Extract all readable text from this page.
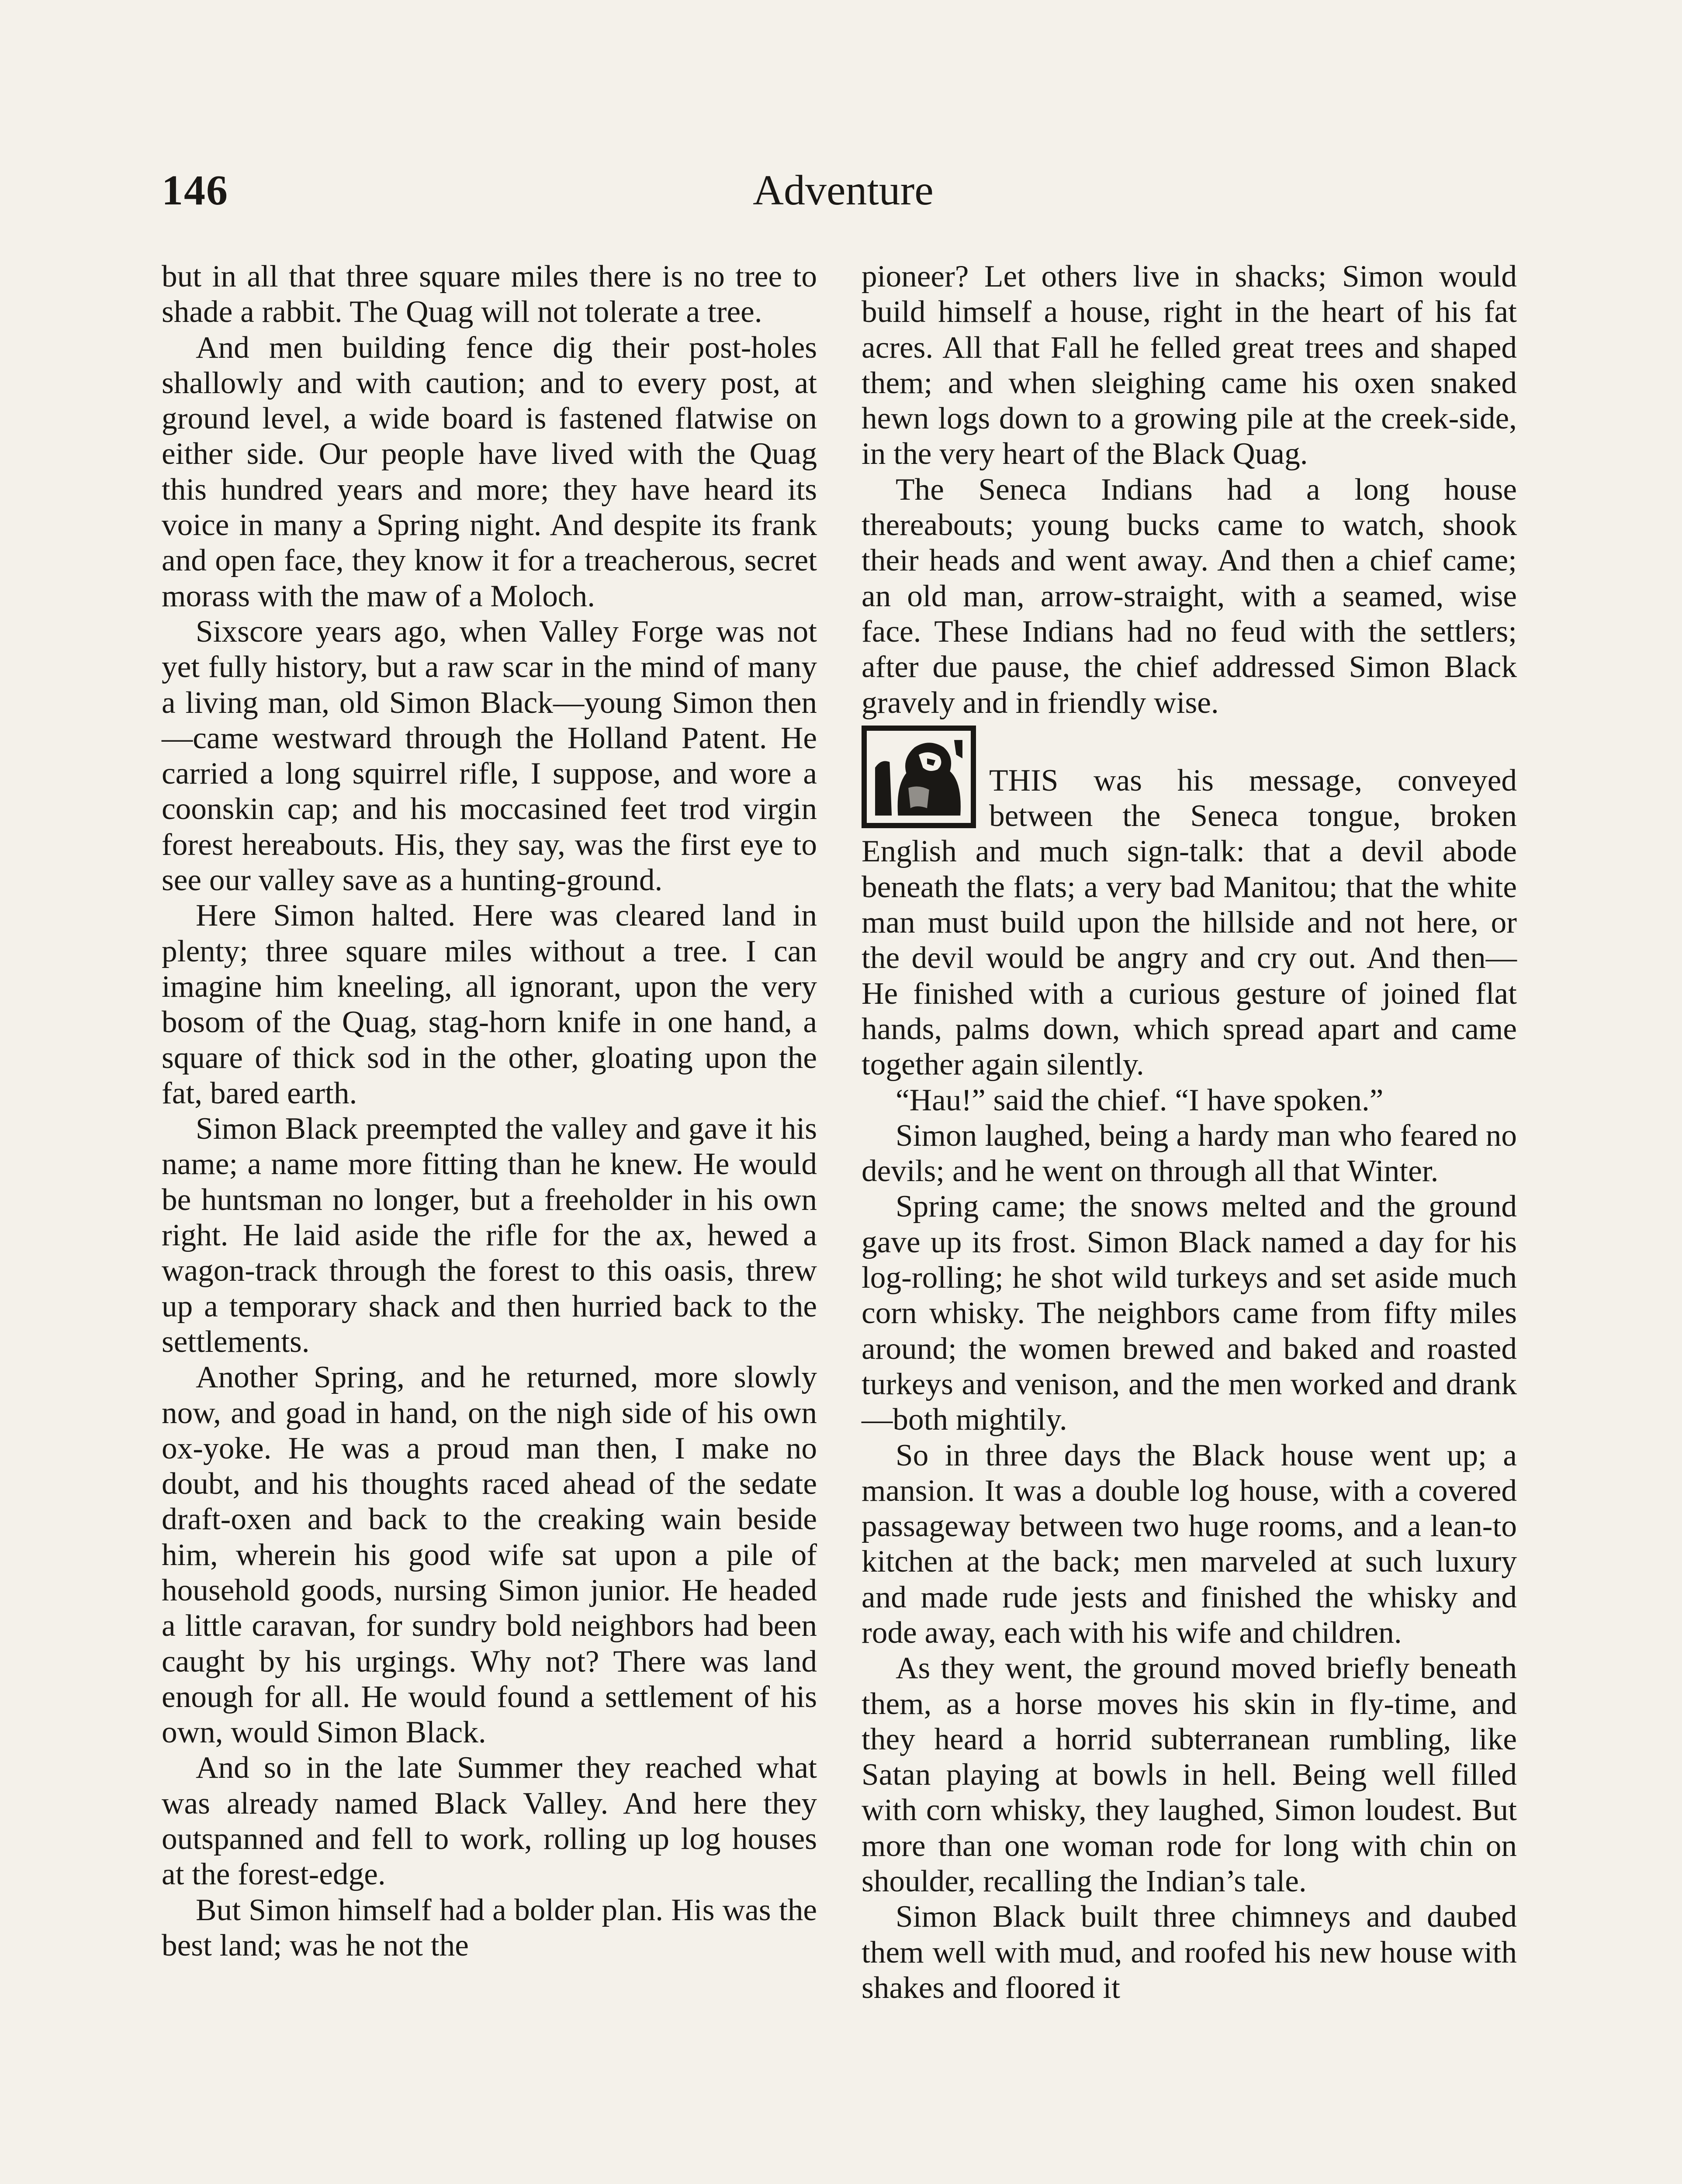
146	Adventure

but in all that three square miles there is no tree to shade a rabbit. The Quag will not tolerate a tree.

And men building fence dig their post-holes shallowly and with caution; and to every post, at ground level, a wide board is fastened flatwise on either side. Our people have lived with the Quag this hundred years and more; they have heard its voice in many a Spring night. And despite its frank and open face, they know it for a treacherous, secret morass with the maw of a Moloch.

Sixscore years ago, when Valley Forge was not yet fully history, but a raw scar in the mind of many a living man, old Simon Black—young Simon then—came westward through the Holland Patent. He carried a long squirrel rifle, I suppose, and wore a coonskin cap; and his moccasined feet trod virgin forest hereabouts. His, they say, was the first eye to see our valley save as a hunting-ground.

Here Simon halted. Here was cleared land in plenty; three square miles without a tree. I can imagine him kneeling, all ignorant, upon the very bosom of the Quag, stag-horn knife in one hand, a square of thick sod in the other, gloating upon the fat, bared earth.

Simon Black preempted the valley and gave it his name; a name more fitting than he knew. He would be huntsman no longer, but a freeholder in his own right. He laid aside the rifle for the ax, hewed a wagon-track through the forest to this oasis, threw up a temporary shack and then hurried back to the settlements.

Another Spring, and he returned, more slowly now, and goad in hand, on the nigh side of his own ox-yoke. He was a proud man then, I make no doubt, and his thoughts raced ahead of the sedate draft-oxen and back to the creaking wain beside him, wherein his good wife sat upon a pile of household goods, nursing Simon junior. He headed a little caravan, for sundry bold neighbors had been caught by his urgings. Why not? There was land enough for all. He would found a settlement of his own, would Simon Black.

And so in the late Summer they reached what was already named Black Valley. And here they outspanned and fell to work, rolling up log houses at the forest-edge.

But Simon himself had a bolder plan. His was the best land; was he not the

pioneer? Let others live in shacks; Simon would build himself a house, right in the heart of his fat acres. All that Fall he felled great trees and shaped them; and when sleighing came his oxen snaked hewn logs down to a growing pile at the creek-side, in the very heart of the Black Quag.

The Seneca Indians had a long house thereabouts; young bucks came to watch, shook their heads and went away. And then a chief came; an old man, arrow-straight, with a seamed, wise face. These Indians had no feud with the settlers; after due pause, the chief addressed Simon Black gravely and in friendly wise.

THIS was his message, conveyed between the Seneca tongue, broken English and much sign-talk: that a devil abode beneath the flats; a very bad Manitou; that the white man must build upon the hillside and not here, or the devil would be angry and cry out. And then— He finished with a curious gesture of joined flat hands, palms down, which spread apart and came together again silently.

“Hau!” said the chief. “I have spoken.”

Simon laughed, being a hardy man who feared no devils; and he went on through all that Winter.

Spring came; the snows melted and the ground gave up its frost. Simon Black named a day for his log-rolling; he shot wild turkeys and set aside much corn whisky. The neighbors came from fifty miles around; the women brewed and baked and roasted turkeys and venison, and the men worked and drank—both mightily.

So in three days the Black house went up; a mansion. It was a double log house, with a covered passageway between two huge rooms, and a lean-to kitchen at the back; men marveled at such luxury and made rude jests and finished the whisky and rode away, each with his wife and children.

As they went, the ground moved briefly beneath them, as a horse moves his skin in fly-time, and they heard a horrid subterranean rumbling, like Satan playing at bowls in hell. Being well filled with corn whisky, they laughed, Simon loudest. But more than one woman rode for long with chin on shoulder, recalling the Indian’s tale.

Simon Black built three chimneys and daubed them well with mud, and roofed his new house with shakes and floored it
